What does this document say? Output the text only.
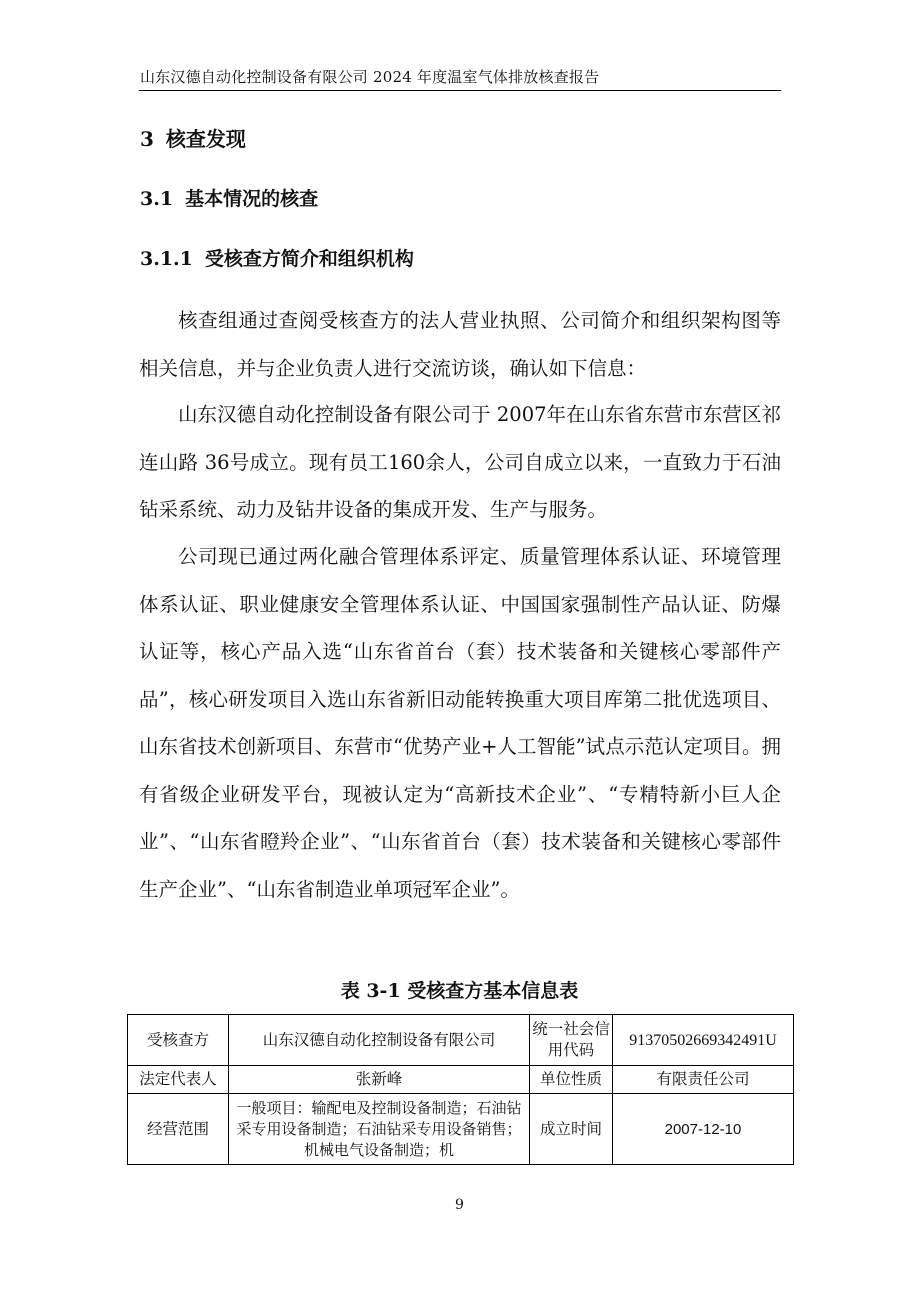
山东汉德自动化控制设备有限公司 2024 年度温室气体排放核查报告
3 核查发现
3.1 基本情况的核查
3.1.1 受核查方简介和组织机构
核查组通过查阅受核查方的法人营业执照、公司简介和组织架构图等相关信息，并与企业负责人进行交流访谈，确认如下信息：
山东汉德自动化控制设备有限公司于 2007年在山东省东营市东营区祁连山路 36号成立。现有员工160余人，公司自成立以来，一直致力于石油钻采系统、动力及钻井设备的集成开发、生产与服务。
公司现已通过两化融合管理体系评定、质量管理体系认证、环境管理体系认证、职业健康安全管理体系认证、中国国家强制性产品认证、防爆认证等，核心产品入选“山东省首台（套）技术装备和关键核心零部件产品”，核心研发项目入选山东省新旧动能转换重大项目库第二批优选项目、山东省技术创新项目、东营市“优势产业+人工智能”试点示范认定项目。拥有省级企业研发平台，现被认定为“高新技术企业”、“专精特新小巨人企业”、“山东省瞪羚企业”、“山东省首台（套）技术装备和关键核心零部件生产企业”、“山东省制造业单项冠军企业”。
表 3-1 受核查方基本信息表
受核查方	山东汉德自动化控制设备有限公司	统一社会信用代码	91370502669342491U
法定代表人	张新峰	单位性质	有限责任公司
经营范围	一般项目：输配电及控制设备制造；石油钻采专用设备制造；石油钻采专用设备销售；机械电气设备制造；机	成立时间	2007-12-10
9
